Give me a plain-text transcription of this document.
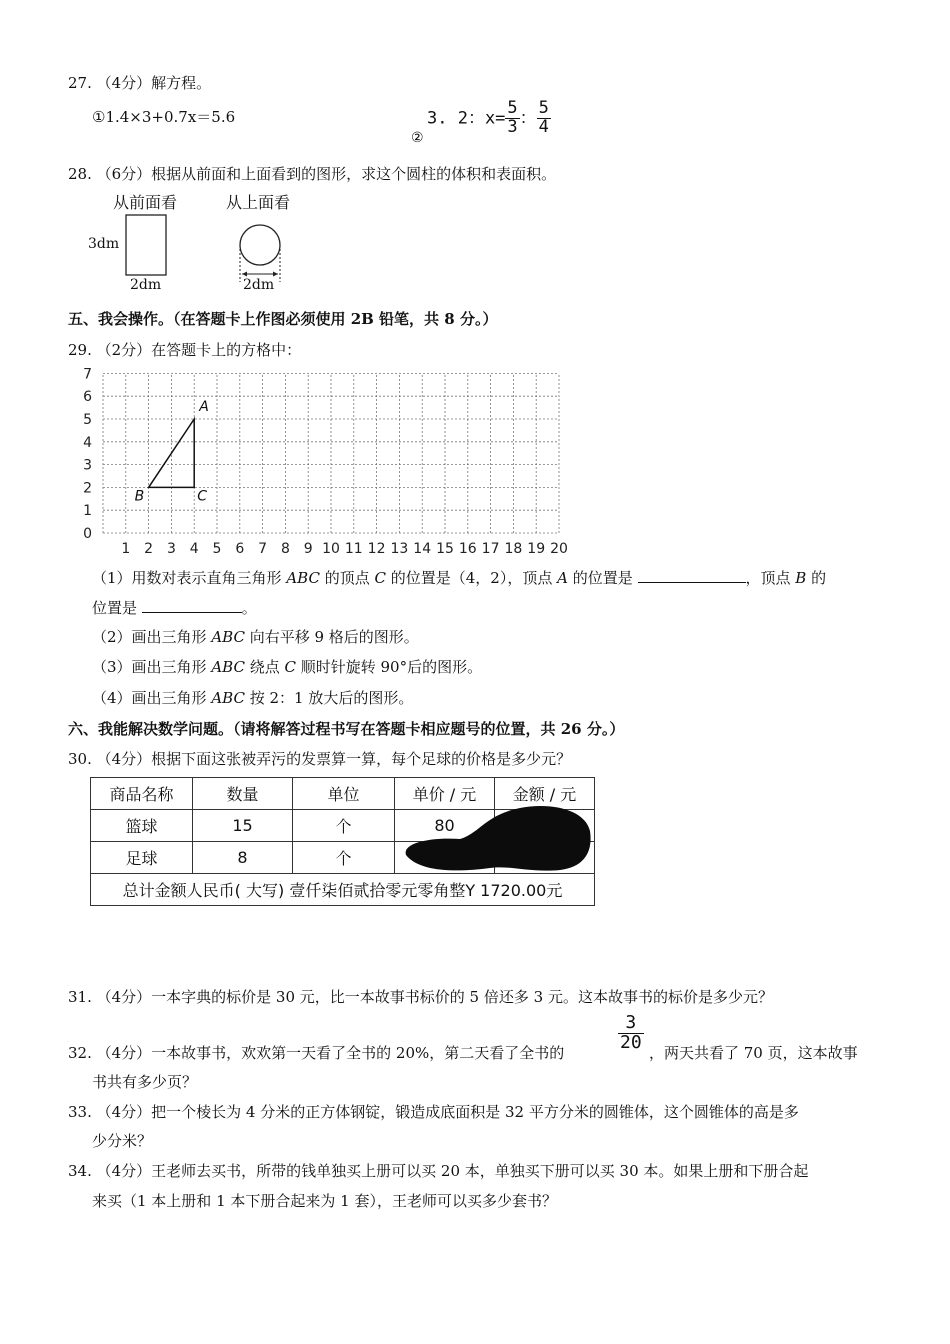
27. （4分）解方程。
①1.4×3+0.7x＝5.6
②
3. 2：$x= \frac{5}{3}$ ： $\frac{5}{4}$
28. （6分）根据从前面和上面看到的图形，求这个圆柱的体积和表面积。
从前面看	从上面看
3dm
2dm	2dm
五、我会操作。（在答题卡上作图必须使用 2B 铅笔，共 8 分。）
29. （2分）在答题卡上的方格中：
0
1
2
3
4
5
6
7
1 2 3 4 5 6 7 8 9 10 11 12 13 14 15 16 17 18 19 20
A
B	C
（1）用数对表示直角三角形 ABC 的顶点 C 的位置是（4，2），顶点 A 的位置是	，顶点 B 的
位置是	。
（2）画出三角形 ABC 向右平移 9 格后的图形。
（3）画出三角形 ABC 绕点 C 顺时针旋转 90°后的图形。
（4）画出三角形 ABC 按 2：1 放大后的图形。
六、我能解决数学问题。（请将解答过程书写在答题卡相应题号的位置，共 26 分。）
30. （4分）根据下面这张被弄污的发票算一算，每个足球的价格是多少元？
商品名称	数量	单位	单价 / 元	金额 / 元
篮球	15	个	80	
足球	8	个		
总计金额人民币( 大写) 壹仟柒佰贰拾零元零角整Y 1720.00元				
31. （4分）一本字典的标价是 30 元，比一本故事书标价的 5 倍还多 3 元。这本故事书的标价是多少元？
32. （4分）一本故事书，欢欢第一天看了全书的 20%，第二天看了全书的
3
20
，两天共看了 70 页，这本故事
书共有多少页？
33. （4分）把一个棱长为 4 分米的正方体钢锭，锻造成底面积是 32 平方分米的圆锥体，这个圆锥体的高是多
少分米？
34. （4分）王老师去买书，所带的钱单独买上册可以买 20 本，单独买下册可以买 30 本。如果上册和下册合起
来买（1 本上册和 1 本下册合起来为 1 套），王老师可以买多少套书？
